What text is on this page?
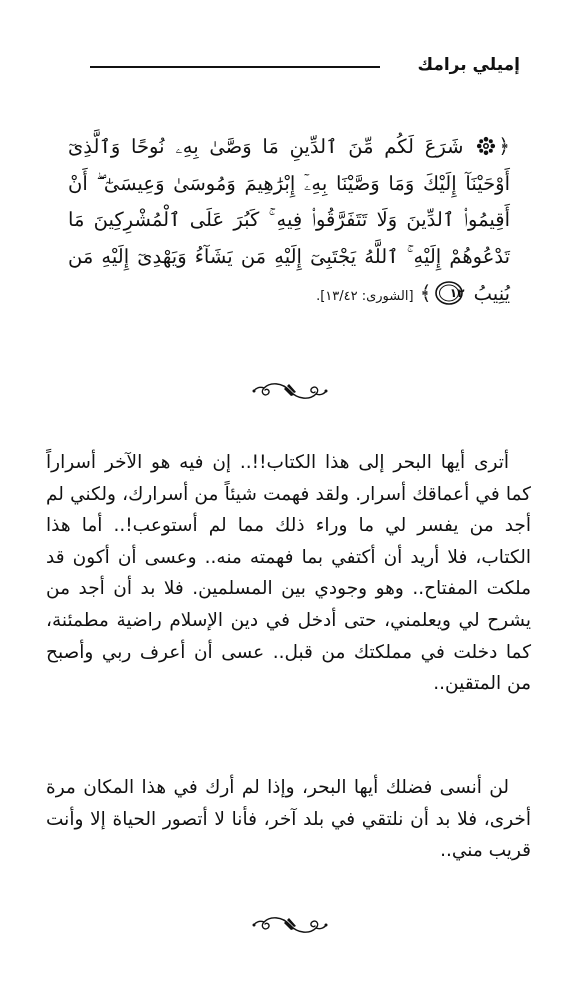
إميلي برامك
﴿ شَرَعَ لَكُم مِّنَ ٱلدِّينِ مَا وَصَّىٰ بِهِۦ نُوحًا وَٱلَّذِىٓ أَوْحَيْنَآ إِلَيْكَ وَمَا وَصَّيْنَا بِهِۦٓ إِبْرَٰهِيمَ وَمُوسَىٰ وَعِيسَىٰٓ ۖ أَنْ أَقِيمُوا۟ ٱلدِّينَ وَلَا تَتَفَرَّقُوا۟ فِيهِ ۚ كَبُرَ عَلَى ٱلْمُشْرِكِينَ مَا تَدْعُوهُمْ إِلَيْهِ ۚ ٱللَّهُ يَجْتَبِىٓ إِلَيْهِ مَن يَشَآءُ وَيَهْدِىٓ إِلَيْهِ مَن يُنِيبُ
١٣
﴾ [الشورى: ١٣/٤٢].

أترى أيها البحر إلى هذا الكتاب!!.. إن فيه هو الآخر أسراراً كما في أعماقك أسرار. ولقد فهمت شيئاً من أسرارك، ولكني لم أجد من يفسر لي ما وراء ذلك مما لم أستوعب!.. أما هذا الكتاب، فلا أريد أن أكتفي بما فهمته منه.. وعسى أن أكون قد ملكت المفتاح.. وهو وجودي بين المسلمين. فلا بد أن أجد من يشرح لي ويعلمني، حتى أدخل في دين الإسلام راضية مطمئنة، كما دخلت في مملكتك من قبل.. عسى أن أعرف ربي وأصبح من المتقين..

لن أنسى فضلك أيها البحر، وإذا لم أرك في هذا المكان مرة أخرى، فلا بد أن نلتقي في بلد آخر، فأنا لا أتصور الحياة إلا وأنت قريب مني..
